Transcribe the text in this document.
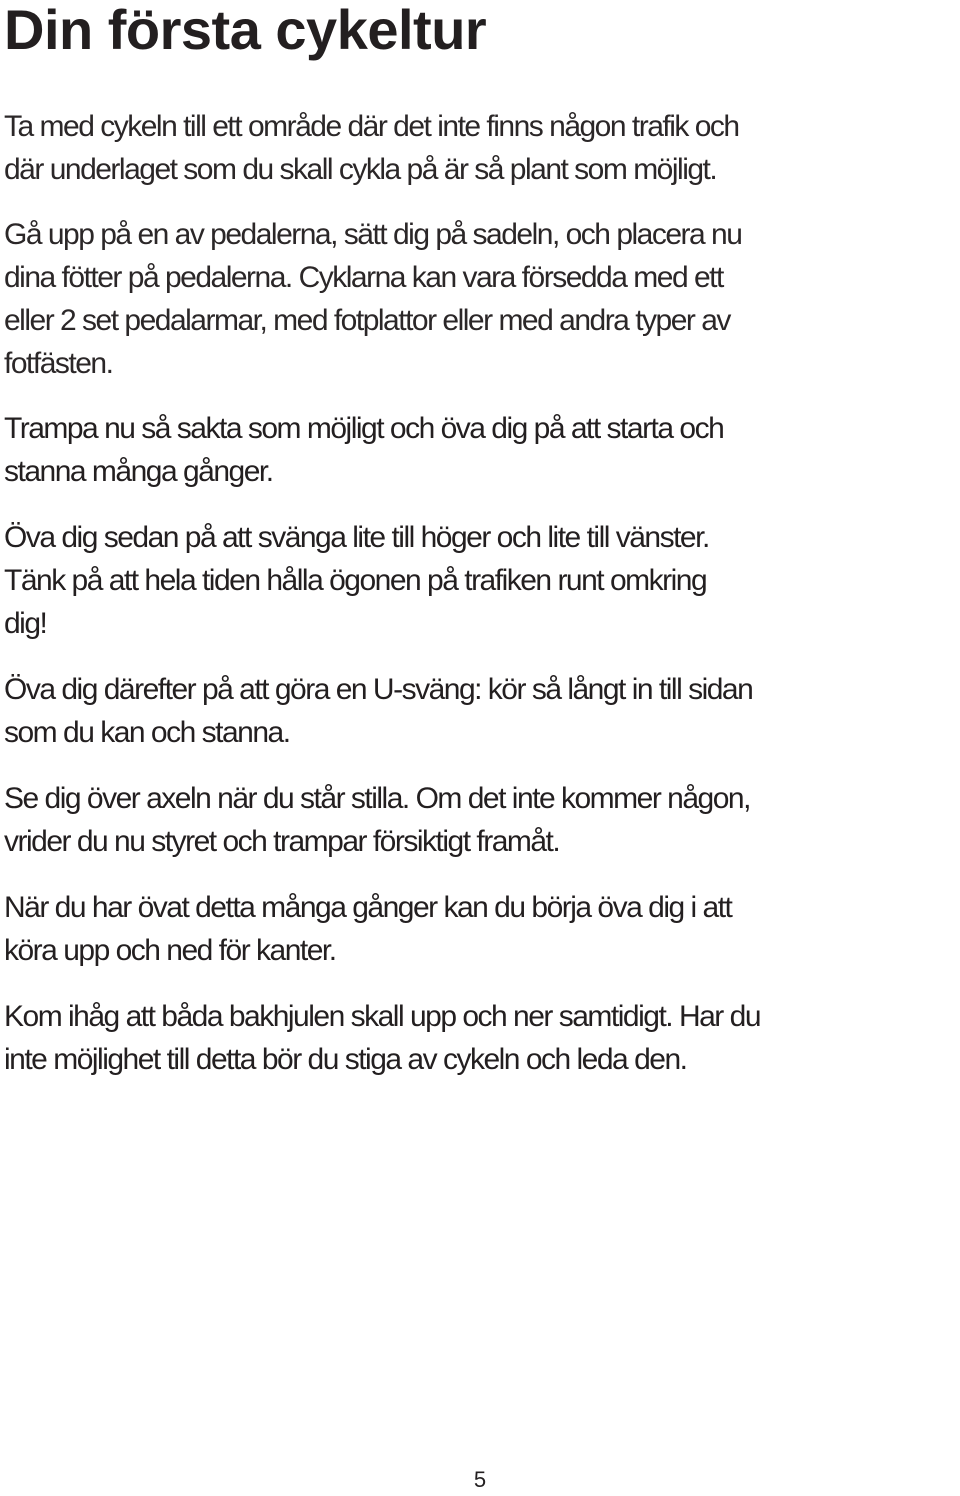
Din första cykeltur

Ta med cykeln till ett område där det inte finns någon trafik och
där underlaget som du skall cykla på är så plant som möjligt.

Gå upp på en av pedalerna, sätt dig på sadeln, och placera nu
dina fötter på pedalerna. Cyklarna kan vara försedda med ett
eller 2 set pedalarmar, med fotplattor eller med andra typer av
fotfästen.

Trampa nu så sakta som möjligt och öva dig på att starta och
stanna många gånger.

Öva dig sedan på att svänga lite till höger och lite till vänster.
Tänk på att hela tiden hålla ögonen på trafiken runt omkring
dig!

Öva dig därefter på att göra en U-sväng: kör så långt in till sidan
som du kan och stanna.

Se dig över axeln när du står stilla. Om det inte kommer någon,
vrider du nu styret och trampar försiktigt framåt.

När du har övat detta många gånger kan du börja öva dig i att
köra upp och ned för kanter.

Kom ihåg att båda bakhjulen skall upp och ner samtidigt. Har du
inte möjlighet till detta bör du stiga av cykeln och leda den.

5
